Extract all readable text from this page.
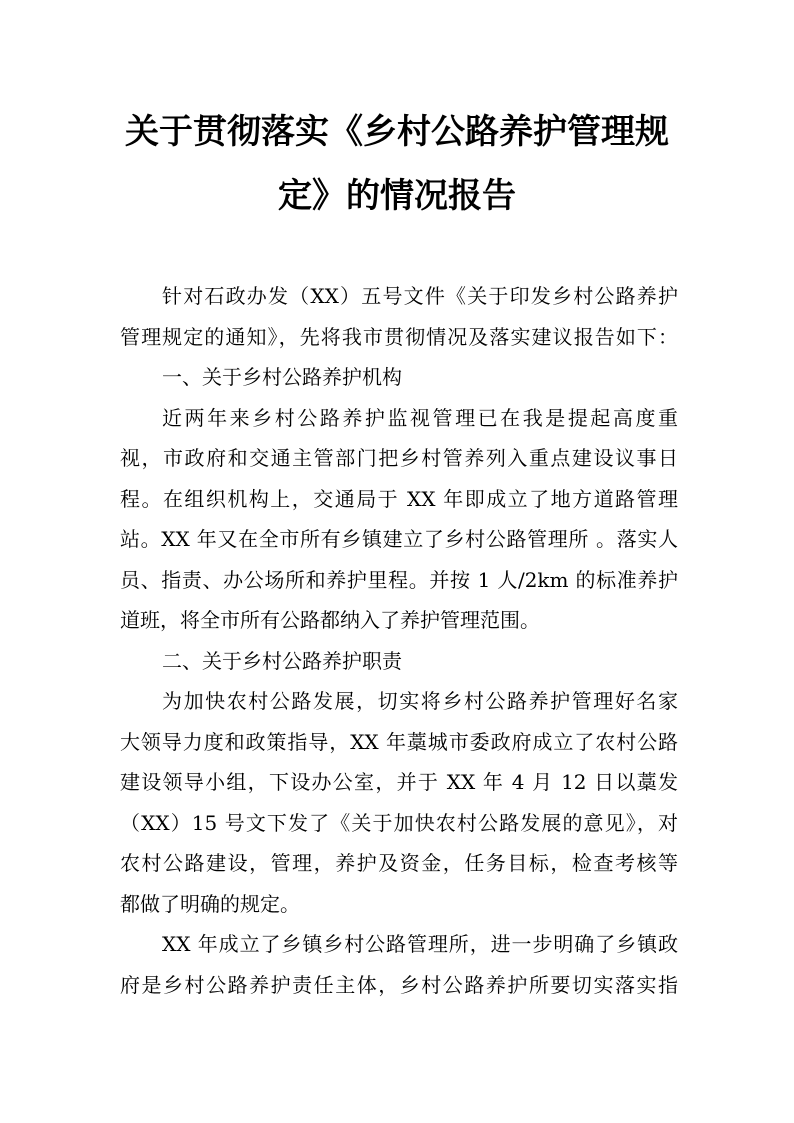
关于贯彻落实《乡村公路养护管理规
定》的情况报告
针对石政办发（XX）五号文件《关于印发乡村公路养护
管理规定的通知》，先将我市贯彻情况及落实建议报告如下：
一、关于乡村公路养护机构
近两年来乡村公路养护监视管理已在我是提起高度重
视，市政府和交通主管部门把乡村管养列入重点建设议事日
程。在组织机构上，交通局于 XX 年即成立了地方道路管理
站。XX 年又在全市所有乡镇建立了乡村公路管理所 。落实人
员、指责、办公场所和养护里程。并按 1 人/2km 的标准养护
道班，将全市所有公路都纳入了养护管理范围。
二、关于乡村公路养护职责
为加快农村公路发展，切实将乡村公路养护管理好名家
大领导力度和政策指导，XX 年藁城市委政府成立了农村公路
建设领导小组，下设办公室，并于 XX 年 4 月 12 日以藁发
（XX）15 号文下发了《关于加快农村公路发展的意见》，对
农村公路建设，管理，养护及资金，任务目标，检查考核等
都做了明确的规定。
XX 年成立了乡镇乡村公路管理所，进一步明确了乡镇政
府是乡村公路养护责任主体，乡村公路养护所要切实落实指
